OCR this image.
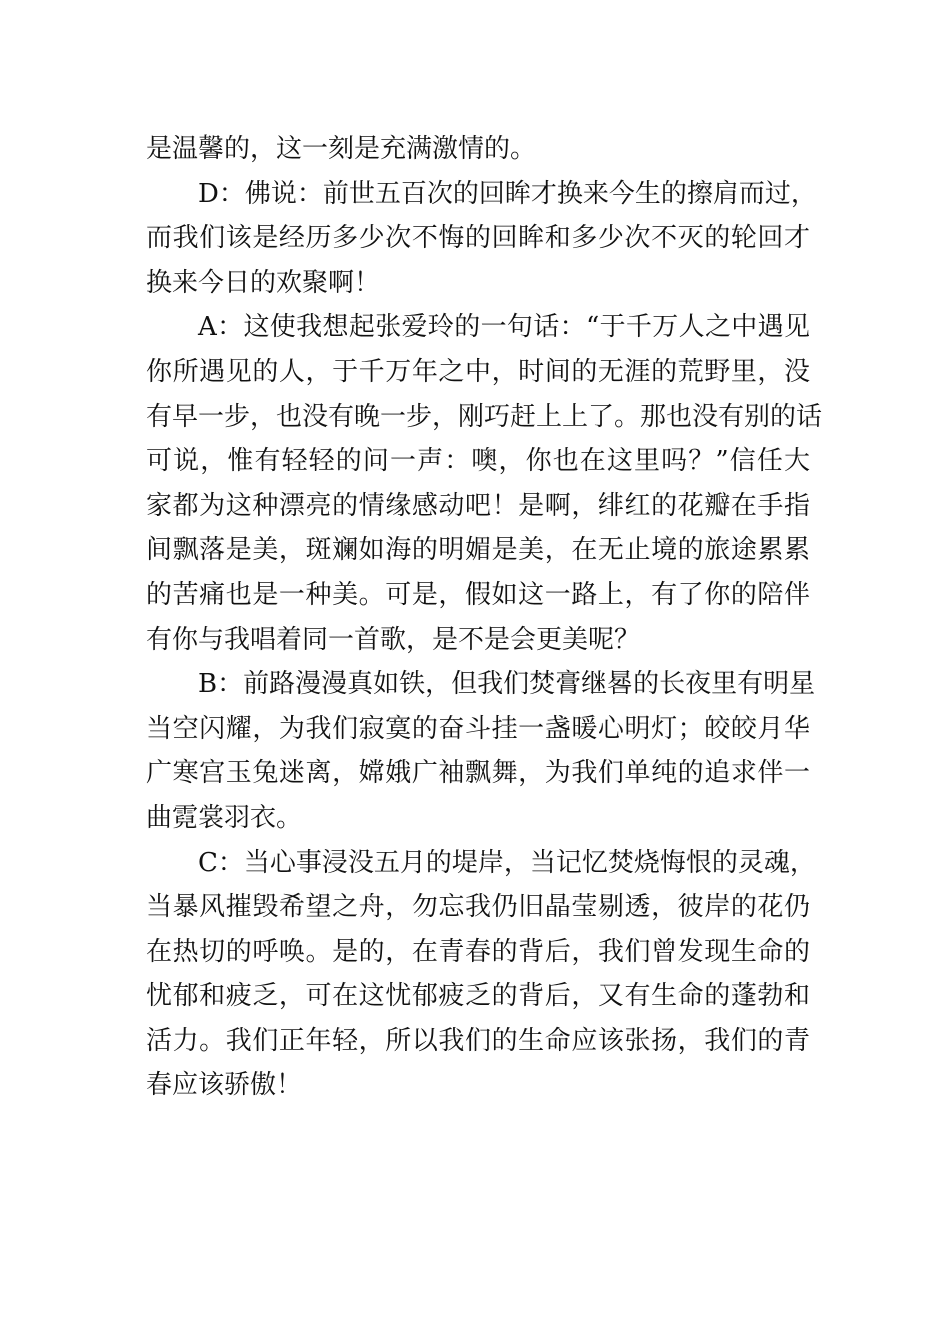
是温馨的，这一刻是充满激情的。
D：佛说：前世五百次的回眸才换来今生的擦肩而过，
而我们该是经历多少次不悔的回眸和多少次不灭的轮回才
换来今日的欢聚啊！
A：这使我想起张爱玲的一句话：“于千万人之中遇见
你所遇见的人，于千万年之中，时间的无涯的荒野里，没
有早一步，也没有晚一步，刚巧赶上上了。那也没有别的话
可说，惟有轻轻的问一声：噢，你也在这里吗？”信任大
家都为这种漂亮的情缘感动吧！是啊，绯红的花瓣在手指
间飘落是美，斑斓如海的明媚是美，在无止境的旅途累累
的苦痛也是一种美。可是，假如这一路上，有了你的陪伴
有你与我唱着同一首歌，是不是会更美呢？
B：前路漫漫真如铁，但我们焚膏继晷的长夜里有明星
当空闪耀，为我们寂寞的奋斗挂一盏暖心明灯；皎皎月华
广寒宫玉兔迷离，嫦娥广袖飘舞，为我们单纯的追求伴一
曲霓裳羽衣。
C：当心事浸没五月的堤岸，当记忆焚烧悔恨的灵魂，
当暴风摧毁希望之舟，勿忘我仍旧晶莹剔透，彼岸的花仍
在热切的呼唤。是的，在青春的背后，我们曾发现生命的
忧郁和疲乏，可在这忧郁疲乏的背后，又有生命的蓬勃和
活力。我们正年轻，所以我们的生命应该张扬，我们的青
春应该骄傲！
